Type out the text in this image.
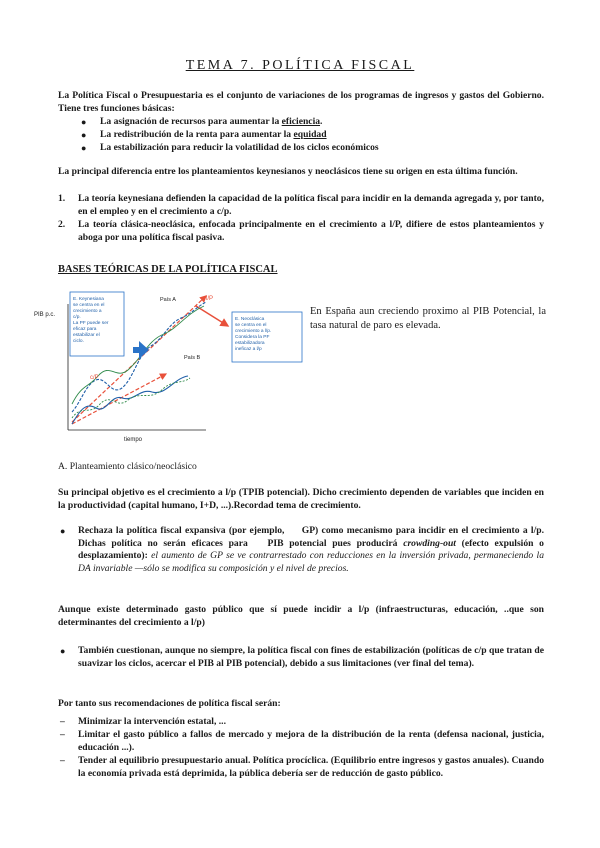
TEMA 7. POLÍTICA FISCAL

La Política Fiscal o Presupuestaria es el conjunto de variaciones de los programas de ingresos y gastos del Gobierno. Tiene tres funciones básicas:

● La asignación de recursos para aumentar la eficiencia.
● La redistribución de la renta para aumentar la equidad
● La estabilización para reducir la volatilidad de los ciclos económicos

La principal diferencia entre los planteamientos keynesianos y neoclásicos tiene su origen en esta última función.

1. La teoría keynesiana defienden la capacidad de la política fiscal para incidir en la demanda agregada y, por tanto, en el empleo y en el crecimiento a c/p.
2. La teoría clásica-neoclásica, enfocada principalmente en el crecimiento a l/P, difiere de estos planteamientos y aboga por una política fiscal pasiva.
BASES TEÓRICAS DE LA POLÍTICA FISCAL
PIB p.c.
tiempo
País A
País B
l/P
c/P
E. Keynesiana
se centra en el
crecimiento a
c/p.
La PF puede ser
eficaz para
estabilizar el
ciclo.
E. Neoclásica
se centra en el
crecimiento a l/p.
Considera la PF
estabilizadora
ineficaz a l/p
En España aun creciendo proximo al PIB Potencial, la tasa natural de paro es elevada.
A. Planteamiento clásico/neoclásico

Su principal objetivo es el crecimiento a l/p (TPIB potencial). Dicho crecimiento dependen de variables que inciden en la productividad (capital humano, I+D, ...).Recordad tema de crecimiento.

● Rechaza la política fiscal expansiva (por ejemplo, GP) como mecanismo para incidir en el crecimiento a l/p. Dichas política no serán eficaces para PIB potencial pues producirá crowding-out (efecto expulsión o desplazamiento): el aumento de GP se ve contrarrestado con reducciones en la inversión privada, permaneciendo la DA invariable —sólo se modifica su composición y el nivel de precios.

Aunque existe determinado gasto público que sí puede incidir a l/p (infraestructuras, educación, ..que son determinantes del crecimiento a l/p)

● También cuestionan, aunque no siempre, la política fiscal con fines de estabilización (políticas de c/p que tratan de suavizar los ciclos, acercar el PIB al PIB potencial), debido a sus limitaciones (ver final del tema).

Por tanto sus recomendaciones de política fiscal serán:

– Minimizar la intervención estatal, ...
– Limitar el gasto público a fallos de mercado y mejora de la distribución de la renta (defensa nacional, justicia, educación ...).
– Tender al equilibrio presupuestario anual. Política procíclica. (Equilibrio entre ingresos y gastos anuales). Cuando la economía privada está deprimida, la pública debería ser de reducción de gasto público.
